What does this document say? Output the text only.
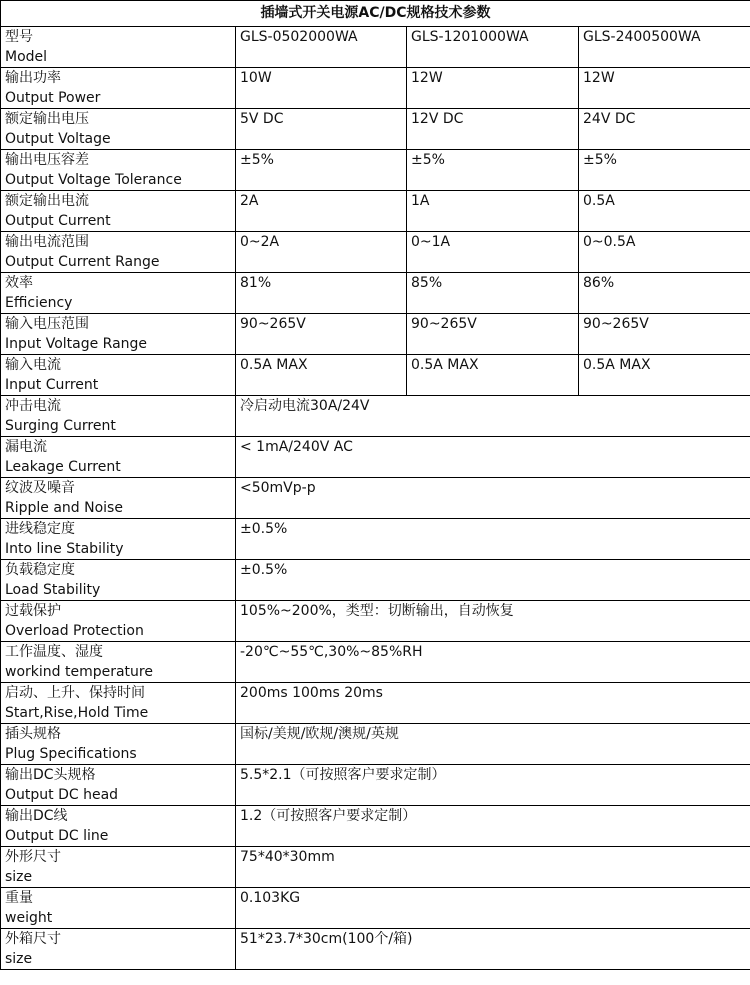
插墙式开关电源AC/DC规格技术参数			

型号
Model	GLS-0502000WA	GLS-1201000WA	GLS-2400500WA

输出功率
Output Power	10W	12W	12W

额定输出电压
Output Voltage	5V DC	12V DC	24V DC

输出电压容差
Output Voltage Tolerance	±5%	±5%	±5%

额定输出电流
Output Current	2A	1A	0.5A

输出电流范围
Output Current Range	0~2A	0~1A	0~0.5A

效率
Efficiency	81%	85%	86%

输入电压范围
Input Voltage Range	90~265V	90~265V	90~265V

输入电流
Input Current	0.5A MAX	0.5A MAX	0.5A MAX

冲击电流
Surging Current	冷启动电流30A/24V		

漏电流
Leakage Current	< 1mA/240V AC		

纹波及噪音
Ripple and Noise	<50mVp-p		

进线稳定度
Into line Stability	±0.5%		

负载稳定度
Load Stability	±0.5%		

过载保护
Overload Protection	105%~200%，类型：切断输出，自动恢复		

工作温度、湿度
workind temperature	-20℃~55℃,30%~85%RH		

启动、上升、保持时间
Start,Rise,Hold Time	200ms 100ms 20ms		

插头规格
Plug Specifications	国标/美规/欧规/澳规/英规		

输出DC头规格
Output DC head	5.5*2.1（可按照客户要求定制）		

输出DC线
Output DC line	1.2（可按照客户要求定制）		

外形尺寸
size	75*40*30mm		

重量
weight	0.103KG		

外箱尺寸
size	51*23.7*30cm(100个/箱)		
